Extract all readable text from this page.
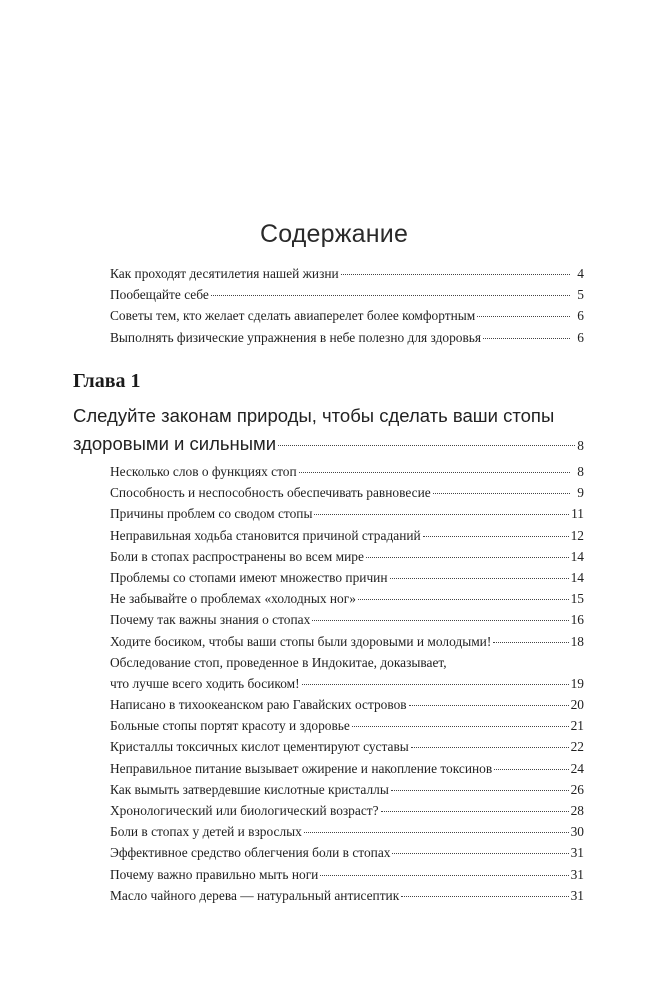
Содержание
Как проходят десятилетия нашей жизни	4
Пообещайте себе	5
Советы тем, кто желает сделать авиаперелет более комфортным	6
Выполнять физические упражнения в небе полезно для здоровья	6
Глава 1
Следуйте законам природы, чтобы сделать ваши стопы
здоровыми и сильными	8
Несколько слов о функциях стоп	8
Способность и неспособность обеспечивать равновесие	9
Причины проблем со сводом стопы	11
Неправильная ходьба становится причиной страданий	12
Боли в стопах распространены во всем мире	14
Проблемы со стопами имеют множество причин	14
Не забывайте о проблемах «холодных ног»	15
Почему так важны знания о стопах	16
Ходите босиком, чтобы ваши стопы были здоровыми и молодыми!	18
Обследование стоп, проведенное в Индокитае, доказывает,
что лучше всего ходить босиком!	19
Написано в тихоокеанском раю Гавайских островов	20
Больные стопы портят красоту и здоровье	21
Кристаллы токсичных кислот цементируют суставы	22
Неправильное питание вызывает ожирение и накопление токсинов	24
Как вымыть затвердевшие кислотные кристаллы	26
Хронологический или биологический возраст?	28
Боли в стопах у детей и взрослых	30
Эффективное средство облегчения боли в стопах	31
Почему важно правильно мыть ноги	31
Масло чайного дерева — натуральный антисептик	31
